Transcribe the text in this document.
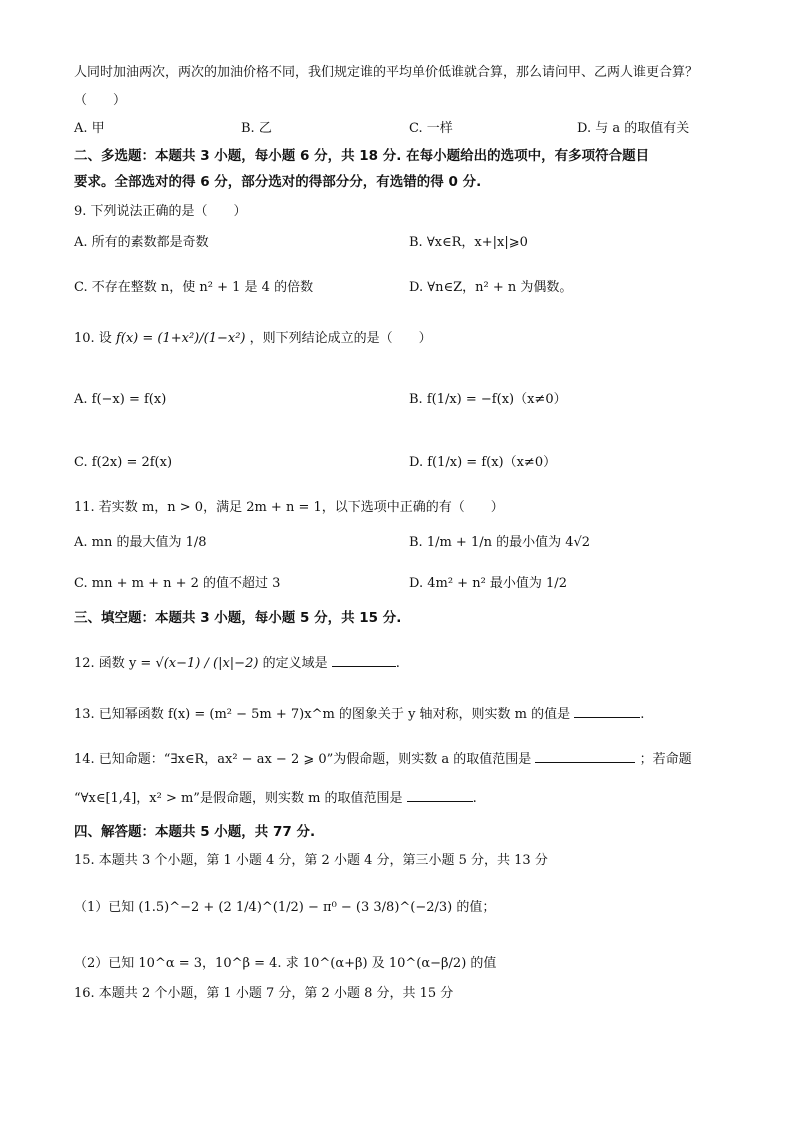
人同时加油两次，两次的加油价格不同，我们规定谁的平均单价低谁就合算，那么请问甲、乙两人谁更合算？
（　　）
A. 甲	B. 乙	C. 一样	D. 与 a 的取值有关
二、多选题：本题共 3 小题，每小题 6 分，共 18 分. 在每小题给出的选项中，有多项符合题目
要求。全部选对的得 6 分，部分选对的得部分分，有选错的得 0 分.
9. 下列说法正确的是（　　）
A. 所有的素数都是奇数	B. ∀x∈R，x+|x|⩾0
C. 不存在整数 n，使 n² + 1 是 4 的倍数	D. ∀n∈Z，n² + n 为偶数。
10. 设 f(x) = (1+x²)/(1−x²) ，则下列结论成立的是（　　）
A. f(−x) = f(x)	B. f(1/x) = −f(x)（x≠0）
C. f(2x) = 2f(x)	D. f(1/x) = f(x)（x≠0）
11. 若实数 m，n > 0，满足 2m + n = 1，以下选项中正确的有（　　）
A. mn 的最大值为 1/8	B. 1/m + 1/n 的最小值为 4√2
C. mn + m + n + 2 的值不超过 3	D. 4m² + n² 最小值为 1/2
三、填空题：本题共 3 小题，每小题 5 分，共 15 分.
12. 函数 y = √(x−1) / (|x|−2) 的定义域是	.
13. 已知幂函数 f(x) = (m² − 5m + 7)x^m 的图象关于 y 轴对称，则实数 m 的值是	.
14. 已知命题：“∃x∈R，ax² − ax − 2 ⩾ 0”为假命题，则实数 a 的取值范围是	；若命题
“∀x∈[1,4]，x² > m”是假命题，则实数 m 的取值范围是	.
四、解答题：本题共 5 小题，共 77 分.
15. 本题共 3 个小题，第 1 小题 4 分，第 2 小题 4 分，第三小题 5 分，共 13 分
（1）已知 (1.5)^−2 + (2 1/4)^(1/2) − π⁰ − (3 3/8)^(−2/3) 的值；
（2）已知 10^α = 3，10^β = 4. 求 10^(α+β) 及 10^(α−β/2) 的值
16. 本题共 2 个小题，第 1 小题 7 分，第 2 小题 8 分，共 15 分
